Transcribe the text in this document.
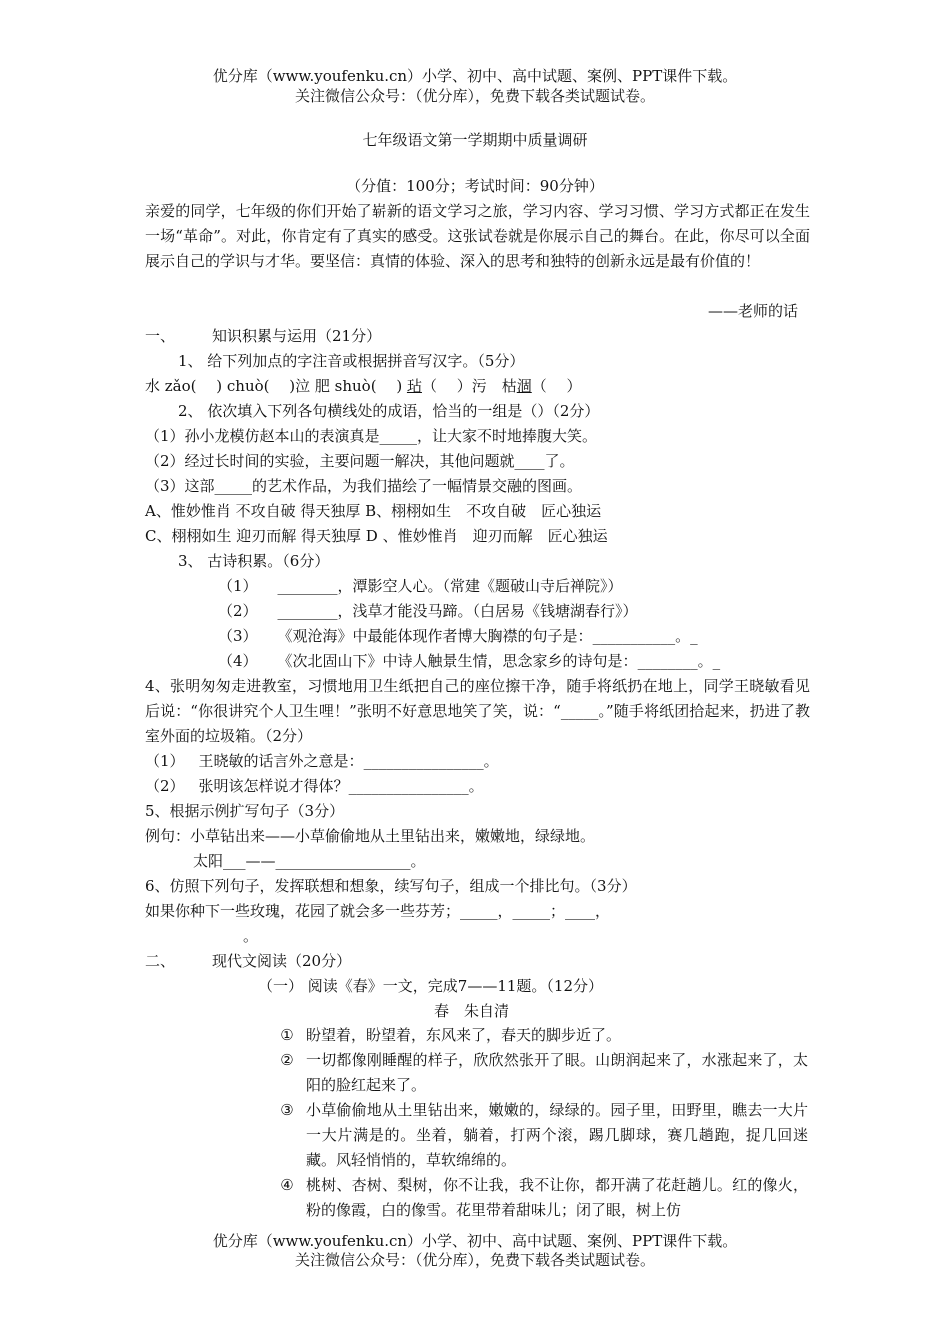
优分库（www.youfenku.cn）小学、初中、高中试题、案例、PPT课件下载。
关注微信公众号：（优分库），免费下载各类试题试卷。
七年级语文第一学期期中质量调研
（分值：100分；考试时间：90分钟）
亲爱的同学，七年级的你们开始了崭新的语文学习之旅，学习内容、学习习惯、学习方式都正在发生一场“革命”。对此，你肯定有了真实的感受。这张试卷就是你展示自己的舞台。在此，你尽可以全面展示自己的学识与才华。要坚信：真情的体验、深入的思考和独特的创新永远是最有价值的！
——老师的话
一、 知识积累与运用（21分）
1、 给下列加点的字注音或根据拼音写汉字。（5分）
水 zǎo(　 ) chuò(　 )泣 肥 shuò(　 ) 玷（　 ）污　枯涸（　 ）
2、 依次填入下列各句横线处的成语，恰当的一组是（）（2分）
（1）孙小龙模仿赵本山的表演真是_____，让大家不时地捧腹大笑。
（2）经过长时间的实验，主要问题一解决，其他问题就____了。
（3）这部_____的艺术作品，为我们描绘了一幅情景交融的图画。
A、惟妙惟肖 不攻自破 得天独厚 B、栩栩如生　不攻自破　匠心独运
C、栩栩如生 迎刃而解 得天独厚 D 、惟妙惟肖　迎刃而解　匠心独运
3、 古诗积累。（6分）
（1） ________，潭影空人心。（常建《题破山寺后禅院》）
（2） ________，浅草才能没马蹄。（白居易《钱塘湖春行》）
（3） 《观沧海》中最能体现作者博大胸襟的句子是：___________。_
（4） 《次北固山下》中诗人触景生情，思念家乡的诗句是：________。_
4、张明匆匆走进教室，习惯地用卫生纸把自己的座位擦干净，随手将纸扔在地上，同学王晓敏看见后说：“你很讲究个人卫生哩！”张明不好意思地笑了笑，说：“_____。”随手将纸团拾起来，扔进了教室外面的垃圾箱。（2分）
（1） 王晓敏的话言外之意是：________________。
（2） 张明该怎样说才得体？________________。
5、根据示例扩写句子（3分）
例句：小草钻出来——小草偷偷地从土里钻出来，嫩嫩地，绿绿地。
太阳___——__________________。
6、仿照下列句子，发挥联想和想象，续写句子，组成一个排比句。（3分）
如果你种下一些玫瑰，花园了就会多一些芬芳；_____，_____；____，
。
二、 现代文阅读（20分）
（一） 阅读《春》一文，完成7——11题。（12分）
春　朱自清
① 盼望着，盼望着，东风来了，春天的脚步近了。
② 一切都像刚睡醒的样子，欣欣然张开了眼。山朗润起来了，水涨起来了，太阳的脸红起来了。
③ 小草偷偷地从土里钻出来，嫩嫩的，绿绿的。园子里，田野里，瞧去一大片一大片满是的。坐着，躺着，打两个滚，踢几脚球，赛几趟跑，捉几回迷藏。风轻悄悄的，草软绵绵的。
④ 桃树、杏树、梨树，你不让我，我不让你，都开满了花赶趟儿。红的像火，粉的像霞，白的像雪。花里带着甜味儿；闭了眼，树上仿
优分库（www.youfenku.cn）小学、初中、高中试题、案例、PPT课件下载。
关注微信公众号：（优分库），免费下载各类试题试卷。
